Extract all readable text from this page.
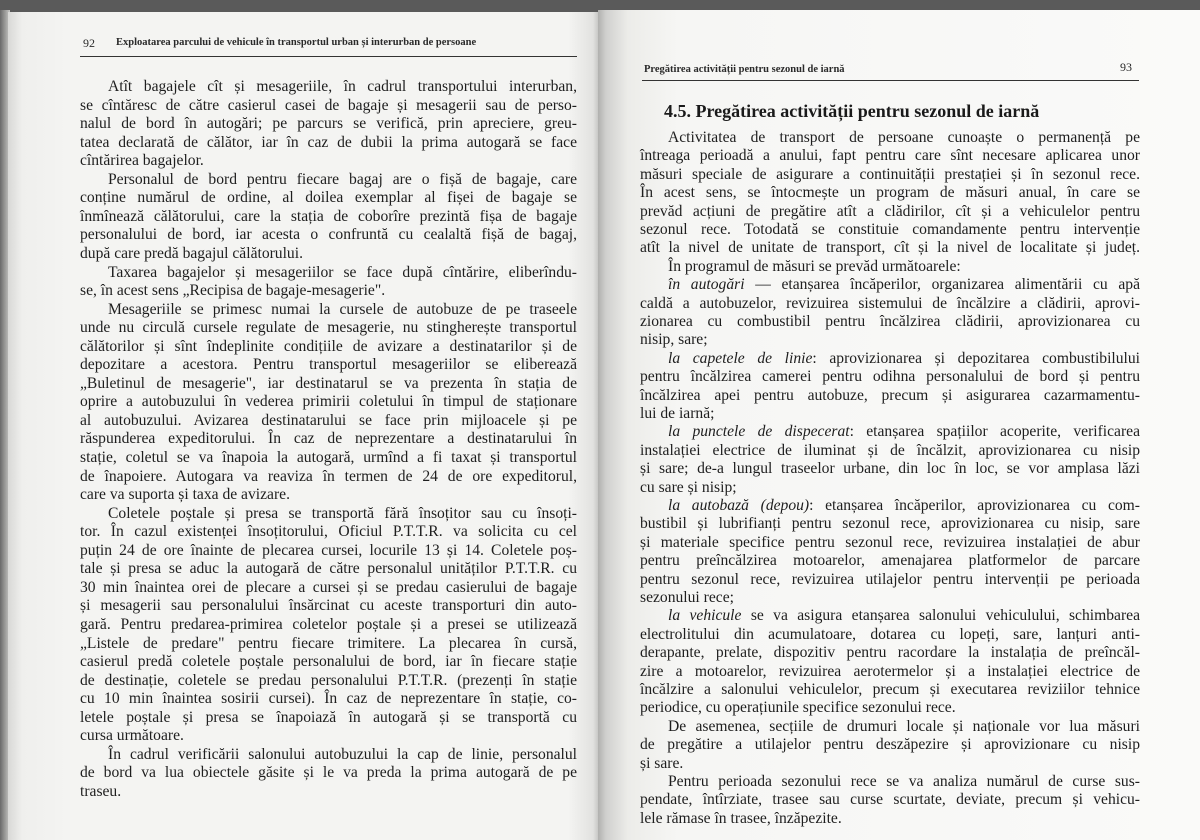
92 Exploatarea parcului de vehicule în transportul urban și interurban de persoane
Atît bagajele cît și mesageriile, în cadrul transportului interurban,
se cîntăresc de către casierul casei de bagaje și mesagerii sau de perso-
nalul de bord în autogări; pe parcurs se verifică, prin apreciere, greu-
tatea declarată de călător, iar în caz de dubii la prima autogară se face
cîntărirea bagajelor.
Personalul de bord pentru fiecare bagaj are o fișă de bagaje, care
conține numărul de ordine, al doilea exemplar al fișei de bagaje se
înmînează călătorului, care la stația de coborîre prezintă fișa de bagaje
personalului de bord, iar acesta o confruntă cu cealaltă fișă de bagaj,
după care predă bagajul călătorului.
Taxarea bagajelor și mesageriilor se face după cîntărire, eliberîndu-
se, în acest sens „Recipisa de bagaje-mesagerie".
Mesageriile se primesc numai la cursele de autobuze de pe traseele
unde nu circulă cursele regulate de mesagerie, nu stingherește transportul
călătorilor și sînt îndeplinite condițiile de avizare a destinatarilor și de
depozitare a acestora. Pentru transportul mesageriilor se eliberează
„Buletinul de mesagerie", iar destinatarul se va prezenta în stația de
oprire a autobuzului în vederea primirii coletului în timpul de staționare
al autobuzului. Avizarea destinatarului se face prin mijloacele și pe
răspunderea expeditorului. În caz de neprezentare a destinatarului în
stație, coletul se va înapoia la autogară, urmînd a fi taxat și transportul
de înapoiere. Autogara va reaviza în termen de 24 de ore expeditorul,
care va suporta și taxa de avizare.
Coletele poștale și presa se transportă fără însoțitor sau cu însoți-
tor. În cazul existenței însoțitorului, Oficiul P.T.T.R. va solicita cu cel
puțin 24 de ore înainte de plecarea cursei, locurile 13 și 14. Coletele poș-
tale și presa se aduc la autogară de către personalul unităților P.T.T.R. cu
30 min înaintea orei de plecare a cursei și se predau casierului de bagaje
și mesagerii sau personalului însărcinat cu aceste transporturi din auto-
gară. Pentru predarea-primirea coletelor poștale și a presei se utilizează
„Listele de predare" pentru fiecare trimitere. La plecarea în cursă,
casierul predă coletele poștale personalului de bord, iar în fiecare stație
de destinație, coletele se predau personalului P.T.T.R. (prezenți în stație
cu 10 min înaintea sosirii cursei). În caz de neprezentare în stație, co-
letele poștale și presa se înapoiază în autogară și se transportă cu
cursa următoare.
În cadrul verificării salonului autobuzului la cap de linie, personalul
de bord va lua obiectele găsite și le va preda la prima autogară de pe
traseu.
Pregătirea activității pentru sezonul de iarnă	93
4.5. Pregătirea activității pentru sezonul de iarnă
Activitatea de transport de persoane cunoaște o permanență pe
întreaga perioadă a anului, fapt pentru care sînt necesare aplicarea unor
măsuri speciale de asigurare a continuității prestației și în sezonul rece.
În acest sens, se întocmește un program de măsuri anual, în care se
prevăd acțiuni de pregătire atît a clădirilor, cît și a vehiculelor pentru
sezonul rece. Totodată se constituie comandamente pentru intervenție
atît la nivel de unitate de transport, cît și la nivel de localitate și județ.
În programul de măsuri se prevăd următoarele:
în autogări — etanșarea încăperilor, organizarea alimentării cu apă
caldă a autobuzelor, revizuirea sistemului de încălzire a clădirii, aprovi-
zionarea cu combustibil pentru încălzirea clădirii, aprovizionarea cu
nisip, sare;
la capetele de linie: aprovizionarea și depozitarea combustibilului
pentru încălzirea camerei pentru odihna personalului de bord și pentru
încălzirea apei pentru autobuze, precum și asigurarea cazarmamentu-
lui de iarnă;
la punctele de dispecerat: etanșarea spațiilor acoperite, verificarea
instalației electrice de iluminat și de încălzit, aprovizionarea cu nisip
și sare; de-a lungul traseelor urbane, din loc în loc, se vor amplasa lăzi
cu sare și nisip;
la autobază (depou): etanșarea încăperilor, aprovizionarea cu com-
bustibil și lubrifianți pentru sezonul rece, aprovizionarea cu nisip, sare
și materiale specifice pentru sezonul rece, revizuirea instalației de abur
pentru preîncălzirea motoarelor, amenajarea platformelor de parcare
pentru sezonul rece, revizuirea utilajelor pentru intervenții pe perioada
sezonului rece;
la vehicule se va asigura etanșarea salonului vehiculului, schimbarea
electrolitului din acumulatoare, dotarea cu lopeți, sare, lanțuri anti-
derapante, prelate, dispozitiv pentru racordare la instalația de preîncăl-
zire a motoarelor, revizuirea aerotermelor și a instalației electrice de
încălzire a salonului vehiculelor, precum și executarea reviziilor tehnice
periodice, cu operațiunile specifice sezonului rece.
De asemenea, secțiile de drumuri locale și naționale vor lua măsuri
de pregătire a utilajelor pentru deszăpezire și aprovizionare cu nisip
și sare.
Pentru perioada sezonului rece se va analiza numărul de curse sus-
pendate, întîrziate, trasee sau curse scurtate, deviate, precum și vehicu-
lele rămase în trasee, înzăpezite.
